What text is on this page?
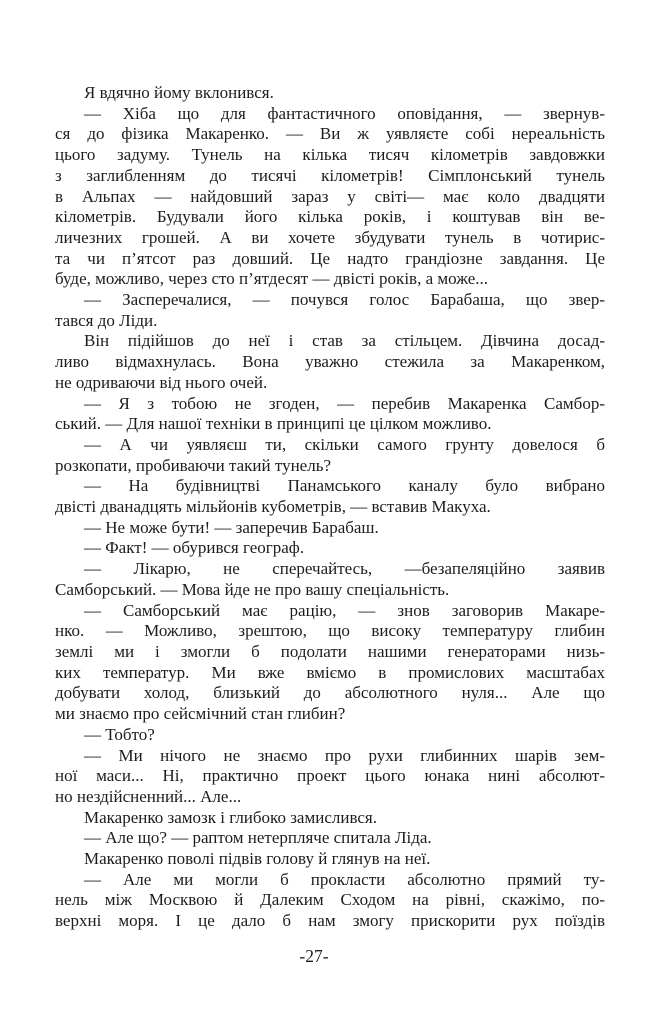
Я вдячно йому вклонився.
— Хіба що для фантастичного оповідання, — звернув-
ся до фізика Макаренко. — Ви ж уявляєте собі нереальність
цього задуму. Тунель на кілька тисяч кілометрів завдовжки
з заглибленням до тисячі кілометрів! Сімплонський тунель
в Альпах — найдовший зараз у світі— має коло двадцяти
кілометрів. Будували його кілька років, і коштував він ве-
личезних грошей. А ви хочете збудувати тунель в чотирис-
та чи п’ятсот раз довший. Це надто грандіозне завдання. Це
буде, можливо, через сто п’ятдесят — двісті років, а може...
— Засперечалися, — почувся голос Барабаша, що звер-
тався до Ліди.
Він підійшов до неї і став за стільцем. Дівчина досад-
ливо відмахнулась. Вона уважно стежила за Макаренком,
не одриваючи від нього очей.
— Я з тобою не згоден, — перебив Макаренка Самбор-
ський. — Для нашої техніки в принципі це цілком можливо.
— А чи уявляєш ти, скільки самого грунту довелося б
розкопати, пробиваючи такий тунель?
— На будівництві Панамського каналу було вибрано
двісті дванадцять мільйонів кубометрів, — вставив Макуха.
— Не може бути! — заперечив Барабаш.
— Факт! — обурився географ.
— Лікарю, не сперечайтесь, —безапеляційно заявив
Самборський. — Мова йде не про вашу спеціальність.
— Самборський має рацію, — знов заговорив Макаре-
нко. — Можливо, зрештою, що високу температуру глибин
землі ми і змогли б подолати нашими генераторами низь-
ких температур. Ми вже вміємо в промислових масштабах
добувати холод, близький до абсолютного нуля... Але що
ми знаємо про сейсмічний стан глибин?
— Тобто?
— Ми нічого не знаємо про рухи глибинних шарів зем-
ної маси... Ні, практично проект цього юнака нині абсолют-
но нездійсненний... Але...
Макаренко замозк і глибоко замислився.
— Але що? — раптом нетерпляче спитала Ліда.
Макаренко поволі підвів голову й глянув на неї.
— Але ми могли б прокласти абсолютно прямий ту-
нель між Москвою й Далеким Сходом на рівні, скажімо, по-
верхні моря. І це дало б нам змогу прискорити рух поїздів
-27-
